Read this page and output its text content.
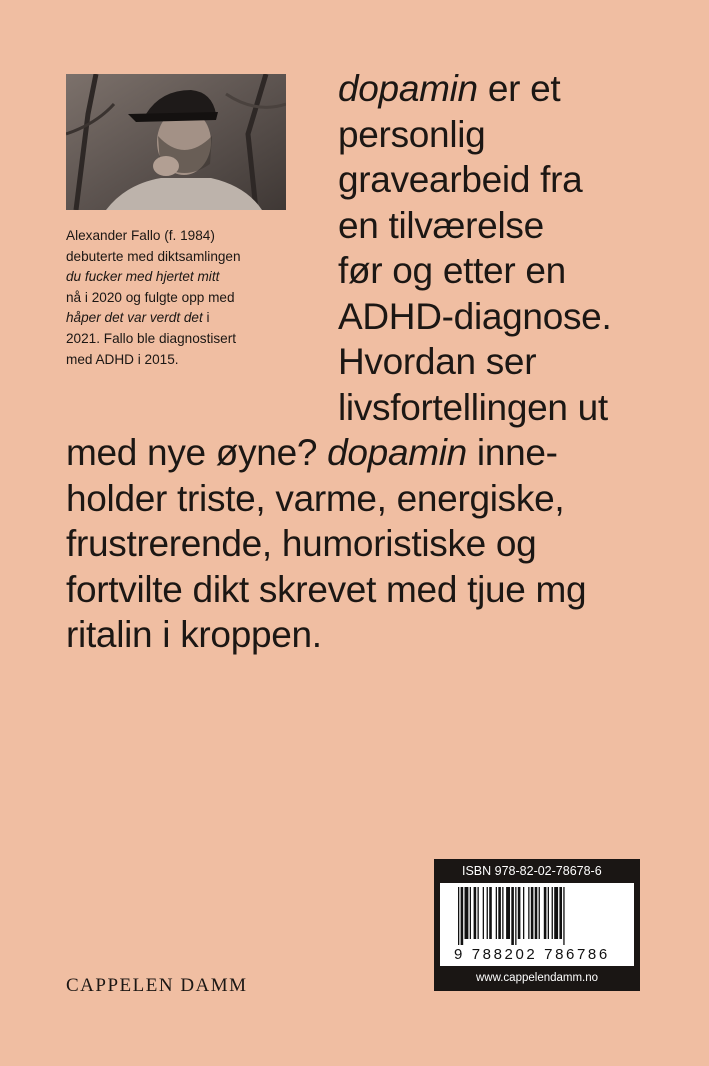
Alexander Fallo (f. 1984)
debuterte med diktsamlingen
du fucker med hjertet mitt
nå i 2020 og fulgte opp med
håper det var verdt det i
2021. Fallo ble diagnostisert
med ADHD i 2015.
dopamin er et
personlig
gravearbeid fra
en tilværelse
før og etter en
ADHD-diagnose.
Hvordan ser
livsfortellingen ut
med nye øyne? dopamin inne-
holder triste, varme, energiske,
frustrerende, humoristiske og
fortvilte dikt skrevet med tjue mg
ritalin i kroppen.
CAPPELEN DAMM
ISBN 978-82-02-78678-6
9 788202 786786
www.cappelendamm.no
